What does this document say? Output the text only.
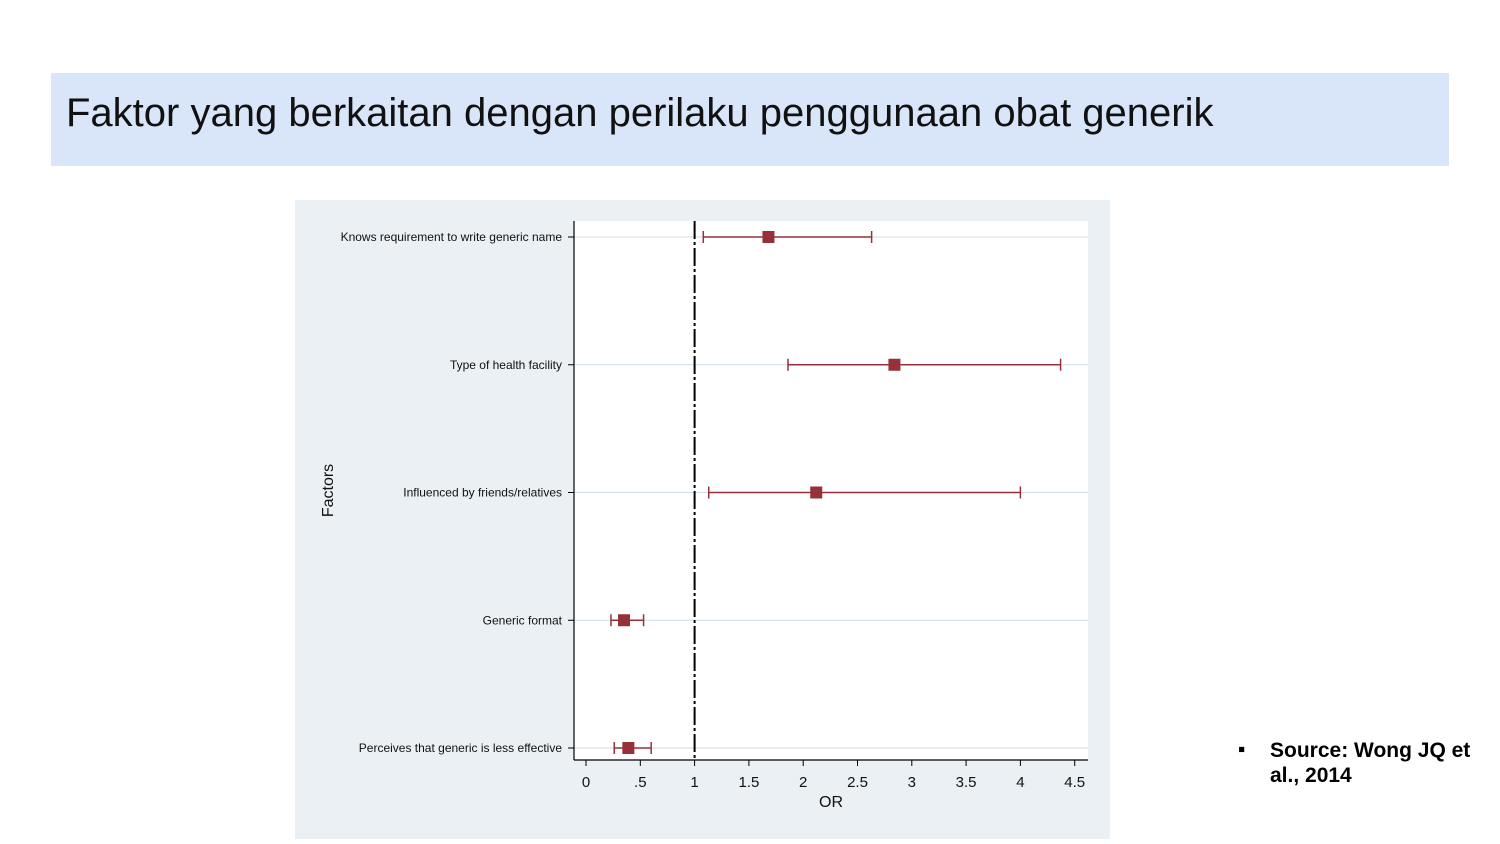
Faktor yang berkaitan dengan perilaku penggunaan obat generik
Knows requirement to write generic name
Type of health facility
Influenced by friends/relatives
Generic format
Perceives that generic is less effective
0	.5	1	1.5	2	2.5	3	3.5	4	4.5
OR
Factors
▪ Source: Wong JQ et al., 2014
